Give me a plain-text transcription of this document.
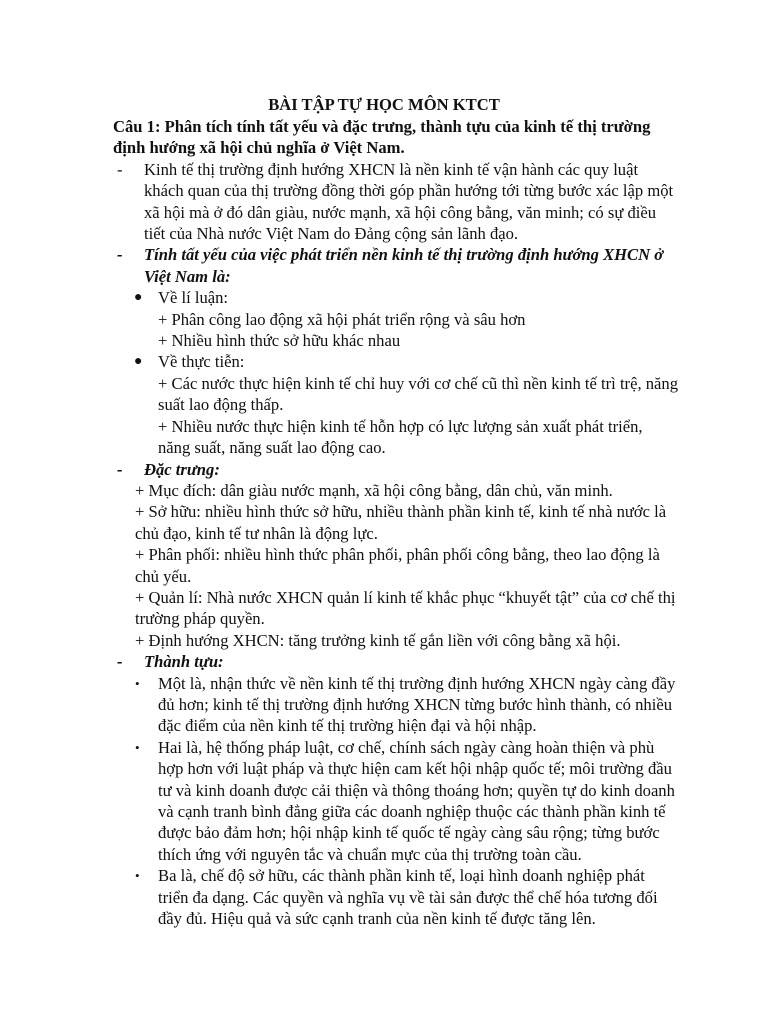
BÀI TẬP TỰ HỌC MÔN KTCT

Câu 1: Phân tích tính tất yếu và đặc trưng, thành tựu của kinh tế thị trường định hướng xã hội chủ nghĩa ở Việt Nam.

- Kinh tế thị trường định hướng XHCN là nền kinh tế vận hành các quy luật khách quan của thị trường đồng thời góp phần hướng tới từng bước xác lập một xã hội mà ở đó dân giàu, nước mạnh, xã hội công bằng, văn minh; có sự điều tiết của Nhà nước Việt Nam do Đảng cộng sản lãnh đạo.

- Tính tất yếu của việc phát triển nền kinh tế thị trường định hướng XHCN ở Việt Nam là:

● Về lí luận:

+ Phân công lao động xã hội phát triển rộng và sâu hơn

+ Nhiều hình thức sở hữu khác nhau

● Về thực tiễn:

+ Các nước thực hiện kinh tế chỉ huy với cơ chế cũ thì nền kinh tế trì trệ, năng suất lao động thấp.

+ Nhiều nước thực hiện kinh tế hỗn hợp có lực lượng sản xuất phát triển, năng suất, năng suất lao động cao.

- Đặc trưng:

+ Mục đích: dân giàu nước mạnh, xã hội công bằng, dân chủ, văn minh.

+ Sở hữu: nhiều hình thức sở hữu, nhiều thành phần kinh tế, kinh tế nhà nước là chủ đạo, kinh tế tư nhân là động lực.

+ Phân phối: nhiều hình thức phân phối, phân phối công bằng, theo lao động là chủ yếu.

+ Quản lí: Nhà nước XHCN quản lí kinh tế khắc phục “khuyết tật” của cơ chế thị trường pháp quyền.

+ Định hướng XHCN: tăng trưởng kinh tế gắn liền với công bằng xã hội.

- Thành tựu:

• Một là, nhận thức về nền kinh tế thị trường định hướng XHCN ngày càng đầy đủ hơn; kinh tế thị trường định hướng XHCN từng bước hình thành, có nhiều đặc điểm của nền kinh tế thị trường hiện đại và hội nhập.

• Hai là, hệ thống pháp luật, cơ chế, chính sách ngày càng hoàn thiện và phù hợp hơn với luật pháp và thực hiện cam kết hội nhập quốc tế; môi trường đầu tư và kinh doanh được cải thiện và thông thoáng hơn; quyền tự do kinh doanh và cạnh tranh bình đẳng giữa các doanh nghiệp thuộc các thành phần kinh tế được bảo đảm hơn; hội nhập kinh tế quốc tế ngày càng sâu rộng; từng bước thích ứng với nguyên tắc và chuẩn mực của thị trường toàn cầu.

• Ba là, chế độ sở hữu, các thành phần kinh tế, loại hình doanh nghiệp phát triển đa dạng. Các quyền và nghĩa vụ về tài sản được thể chế hóa tương đối đầy đủ. Hiệu quả và sức cạnh tranh của nền kinh tế được tăng lên.
